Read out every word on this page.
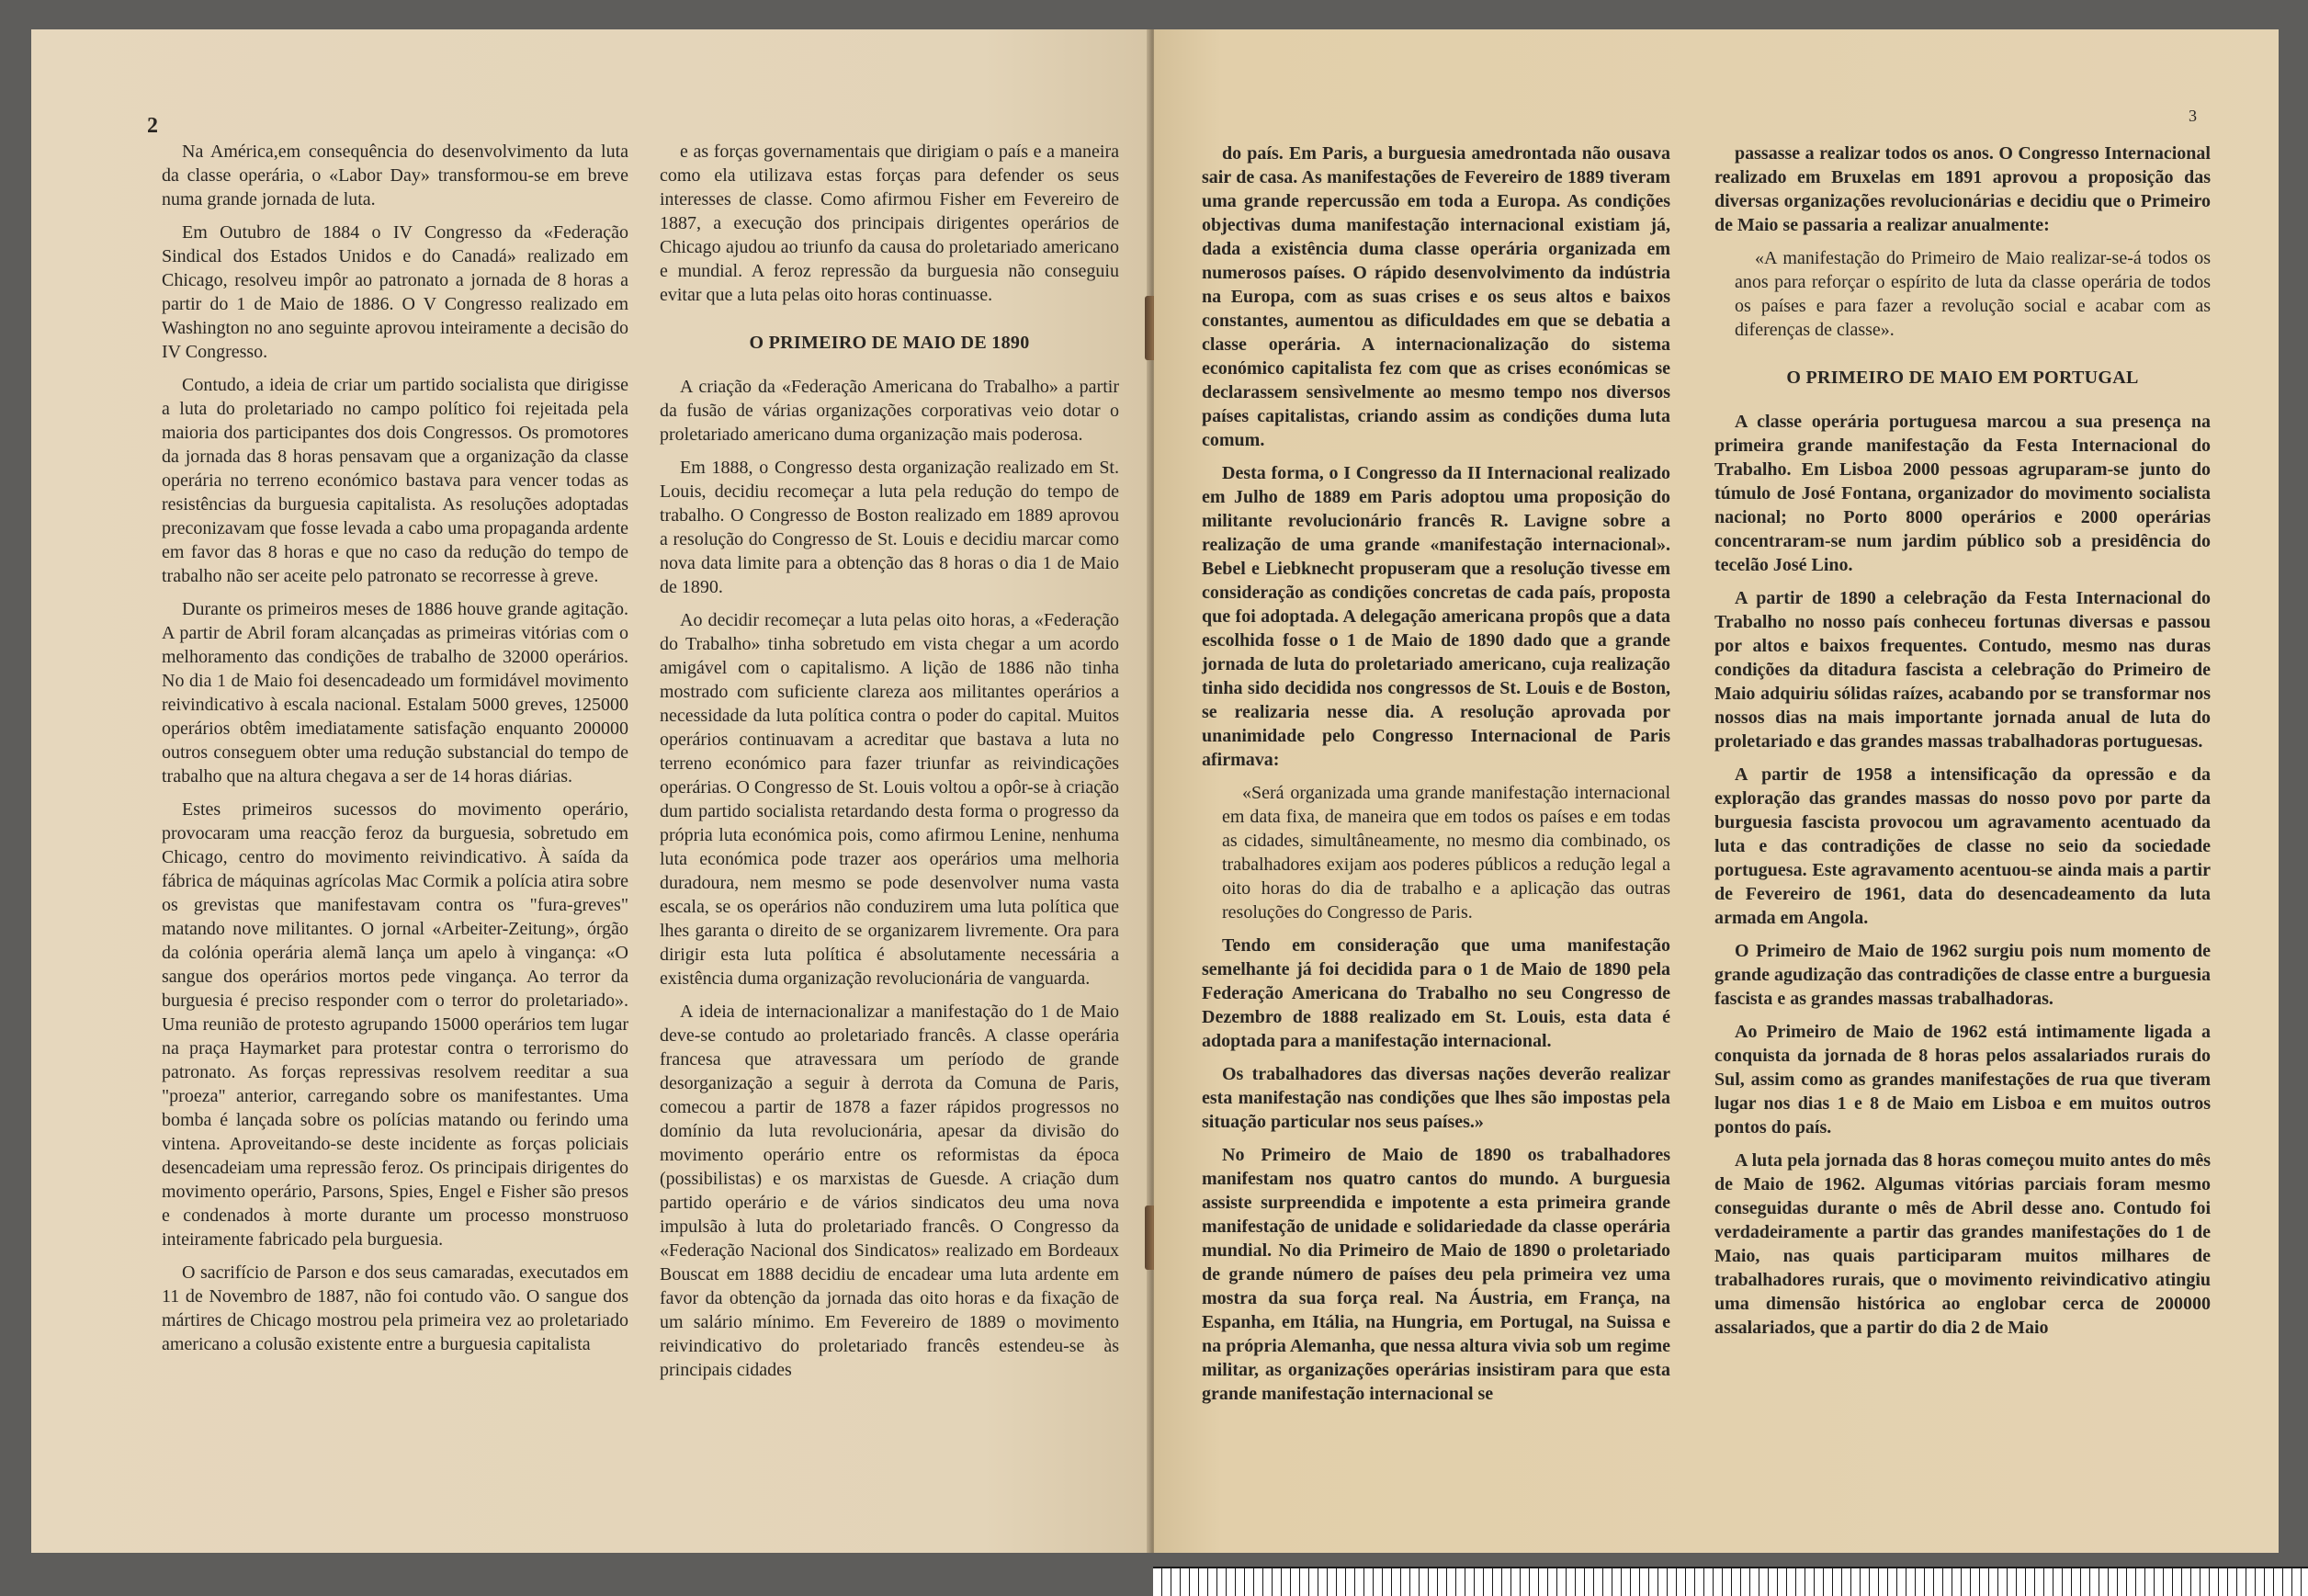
2

Na América,em consequência do desenvolvimento da luta da classe operária, o «Labor Day» transformou-se em breve numa grande jornada de luta.

Em Outubro de 1884 o IV Congresso da «Federação Sindical dos Estados Unidos e do Canadá» realizado em Chicago, resolveu impôr ao patronato a jornada de 8 horas a partir do 1 de Maio de 1886. O V Congresso realizado em Washington no ano seguinte aprovou inteiramente a decisão do IV Congresso.

Contudo, a ideia de criar um partido socialista que dirigisse a luta do proletariado no campo político foi rejeitada pela maioria dos participantes dos dois Congressos. Os promotores da jornada das 8 horas pensavam que a organização da classe operária no terreno económico bastava para vencer todas as resistências da burguesia capitalista. As resoluções adoptadas preconizavam que fosse levada a cabo uma propaganda ardente em favor das 8 horas e que no caso da redução do tempo de trabalho não ser aceite pelo patronato se recorresse à greve.

Durante os primeiros meses de 1886 houve grande agitação. A partir de Abril foram alcançadas as primeiras vitórias com o melhoramento das condições de trabalho de 32000 operários. No dia 1 de Maio foi desencadeado um formidável movimento reivindicativo à escala nacional. Estalam 5000 greves, 125000 operários obtêm imediatamente satisfação enquanto 200000 outros conseguem obter uma redução substancial do tempo de trabalho que na altura chegava a ser de 14 horas diárias.

Estes primeiros sucessos do movimento operário, provocaram uma reacção feroz da burguesia, sobretudo em Chicago, centro do movimento reivindicativo. À saída da fábrica de máquinas agrícolas Mac Cormik a polícia atira sobre os grevistas que manifestavam contra os "fura-greves" matando nove militantes. O jornal «Arbeiter-Zeitung», órgão da colónia operária alemã lança um apelo à vingança: «O sangue dos operários mortos pede vingança. Ao terror da burguesia é preciso responder com o terror do proletariado». Uma reunião de protesto agrupando 15000 operários tem lugar na praça Haymarket para protestar contra o terrorismo do patronato. As forças repressivas resolvem reeditar a sua "proeza" anterior, carregando sobre os manifestantes. Uma bomba é lançada sobre os polícias matando ou ferindo uma vintena. Aproveitando-se deste incidente as forças policiais desencadeiam uma repressão feroz. Os principais dirigentes do movimento operário, Parsons, Spies, Engel e Fisher são presos e condenados à morte durante um processo monstruoso inteiramente fabricado pela burguesia.

O sacrifício de Parson e dos seus camaradas, executados em 11 de Novembro de 1887, não foi contudo vão. O sangue dos mártires de Chicago mostrou pela primeira vez ao proletariado americano a colusão existente entre a burguesia capitalista

e as forças governamentais que dirigiam o país e a maneira como ela utilizava estas forças para defender os seus interesses de classe. Como afirmou Fisher em Fevereiro de 1887, a execução dos principais dirigentes operários de Chicago ajudou ao triunfo da causa do proletariado americano e mundial. A feroz repressão da burguesia não conseguiu evitar que a luta pelas oito horas continuasse.

O PRIMEIRO DE MAIO DE 1890

A criação da «Federação Americana do Trabalho» a partir da fusão de várias organizações corporativas veio dotar o proletariado americano duma organização mais poderosa.

Em 1888, o Congresso desta organização realizado em St. Louis, decidiu recomeçar a luta pela redução do tempo de trabalho. O Congresso de Boston realizado em 1889 aprovou a resolução do Congresso de St. Louis e decidiu marcar como nova data limite para a obtenção das 8 horas o dia 1 de Maio de 1890.

Ao decidir recomeçar a luta pelas oito horas, a «Federação do Trabalho» tinha sobretudo em vista chegar a um acordo amigável com o capitalismo. A lição de 1886 não tinha mostrado com suficiente clareza aos militantes operários a necessidade da luta política contra o poder do capital. Muitos operários continuavam a acreditar que bastava a luta no terreno económico para fazer triunfar as reivindicações operárias. O Congresso de St. Louis voltou a opôr-se à criação dum partido socialista retardando desta forma o progresso da própria luta económica pois, como afirmou Lenine, nenhuma luta económica pode trazer aos operários uma melhoria duradoura, nem mesmo se pode desenvolver numa vasta escala, se os operários não conduzirem uma luta política que lhes garanta o direito de se organizarem livremente. Ora para dirigir esta luta política é absolutamente necessária a existência duma organização revolucionária de vanguarda.

A ideia de internacionalizar a manifestação do 1 de Maio deve-se contudo ao proletariado francês. A classe operária francesa que atravessara um período de grande desorganização a seguir à derrota da Comuna de Paris, comecou a partir de 1878 a fazer rápidos progressos no domínio da luta revolucionária, apesar da divisão do movimento operário entre os reformistas da época (possibilistas) e os marxistas de Guesde. A criação dum partido operário e de vários sindicatos deu uma nova impulsão à luta do proletariado francês. O Congresso da «Federação Nacional dos Sindicatos» realizado em Bordeaux Bouscat em 1888 decidiu de encadear uma luta ardente em favor da obtenção da jornada das oito horas e da fixação de um salário mínimo. Em Fevereiro de 1889 o movimento reivindicativo do proletariado francês estendeu-se às principais cidades

3

do país. Em Paris, a burguesia amedrontada não ousava sair de casa. As manifestações de Fevereiro de 1889 tiveram uma grande repercussão em toda a Europa. As condições objectivas duma manifestação internacional existiam já, dada a existência duma classe operária organizada em numerosos países. O rápido desenvolvimento da indústria na Europa, com as suas crises e os seus altos e baixos constantes, aumentou as dificuldades em que se debatia a classe operária. A internacionalização do sistema económico capitalista fez com que as crises económicas se declarassem sensìvelmente ao mesmo tempo nos diversos países capitalistas, criando assim as condições duma luta comum.

Desta forma, o I Congresso da II Internacional realizado em Julho de 1889 em Paris adoptou uma proposição do militante revolucionário francês R. Lavigne sobre a realização de uma grande «manifestação internacional». Bebel e Liebknecht propuseram que a resolução tivesse em consideração as condições concretas de cada país, proposta que foi adoptada. A delegação americana propôs que a data escolhida fosse o 1 de Maio de 1890 dado que a grande jornada de luta do proletariado americano, cuja realização tinha sido decidida nos congressos de St. Louis e de Boston, se realizaria nesse dia. A resolução aprovada por unanimidade pelo Congresso Internacional de Paris afirmava:

«Será organizada uma grande manifestação internacional em data fixa, de maneira que em todos os países e em todas as cidades, simultâneamente, no mesmo dia combinado, os trabalhadores exijam aos poderes públicos a redução legal a oito horas do dia de trabalho e a aplicação das outras resoluções do Congresso de Paris.

Tendo em consideração que uma manifestação semelhante já foi decidida para o 1 de Maio de 1890 pela Federação Americana do Trabalho no seu Congresso de Dezembro de 1888 realizado em St. Louis, esta data é adoptada para a manifestação internacional.

Os trabalhadores das diversas nações deverão realizar esta manifestação nas condições que lhes são impostas pela situação particular nos seus países.»

No Primeiro de Maio de 1890 os trabalhadores manifestam nos quatro cantos do mundo. A burguesia assiste surpreendida e impotente a esta primeira grande manifestação de unidade e solidariedade da classe operária mundial. No dia Primeiro de Maio de 1890 o proletariado de grande número de países deu pela primeira vez uma mostra da sua força real. Na Áustria, em França, na Espanha, em Itália, na Hungria, em Portugal, na Suissa e na própria Alemanha, que nessa altura vivia sob um regime militar, as organizações operárias insistiram para que esta grande manifestação internacional se

passasse a realizar todos os anos. O Congresso Internacional realizado em Bruxelas em 1891 aprovou a proposição das diversas organizações revolucionárias e decidiu que o Primeiro de Maio se passaria a realizar anualmente:

«A manifestação do Primeiro de Maio realizar-se-á todos os anos para reforçar o espírito de luta da classe operária de todos os países e para fazer a revolução social e acabar com as diferenças de classe».

O PRIMEIRO DE MAIO EM PORTUGAL

A classe operária portuguesa marcou a sua presença na primeira grande manifestação da Festa Internacional do Trabalho. Em Lisboa 2000 pessoas agruparam-se junto do túmulo de José Fontana, organizador do movimento socialista nacional; no Porto 8000 operários e 2000 operárias concentraram-se num jardim público sob a presidência do tecelão José Lino.

A partir de 1890 a celebração da Festa Internacional do Trabalho no nosso país conheceu fortunas diversas e passou por altos e baixos frequentes. Contudo, mesmo nas duras condições da ditadura fascista a celebração do Primeiro de Maio adquiriu sólidas raízes, acabando por se transformar nos nossos dias na mais importante jornada anual de luta do proletariado e das grandes massas trabalhadoras portuguesas.

A partir de 1958 a intensificação da opressão e da exploração das grandes massas do nosso povo por parte da burguesia fascista provocou um agravamento acentuado da luta e das contradições de classe no seio da sociedade portuguesa. Este agravamento acentuou-se ainda mais a partir de Fevereiro de 1961, data do desencadeamento da luta armada em Angola.

O Primeiro de Maio de 1962 surgiu pois num momento de grande agudização das contradições de classe entre a burguesia fascista e as grandes massas trabalhadoras.

Ao Primeiro de Maio de 1962 está intimamente ligada a conquista da jornada de 8 horas pelos assalariados rurais do Sul, assim como as grandes manifestações de rua que tiveram lugar nos dias 1 e 8 de Maio em Lisboa e em muitos outros pontos do país.

A luta pela jornada das 8 horas começou muito antes do mês de Maio de 1962. Algumas vitórias parciais foram mesmo conseguidas durante o mês de Abril desse ano. Contudo foi verdadeiramente a partir das grandes manifestações do 1 de Maio, nas quais participaram muitos milhares de trabalhadores rurais, que o movimento reivindicativo atingiu uma dimensão histórica ao englobar cerca de 200000 assalariados, que a partir do dia 2 de Maio
